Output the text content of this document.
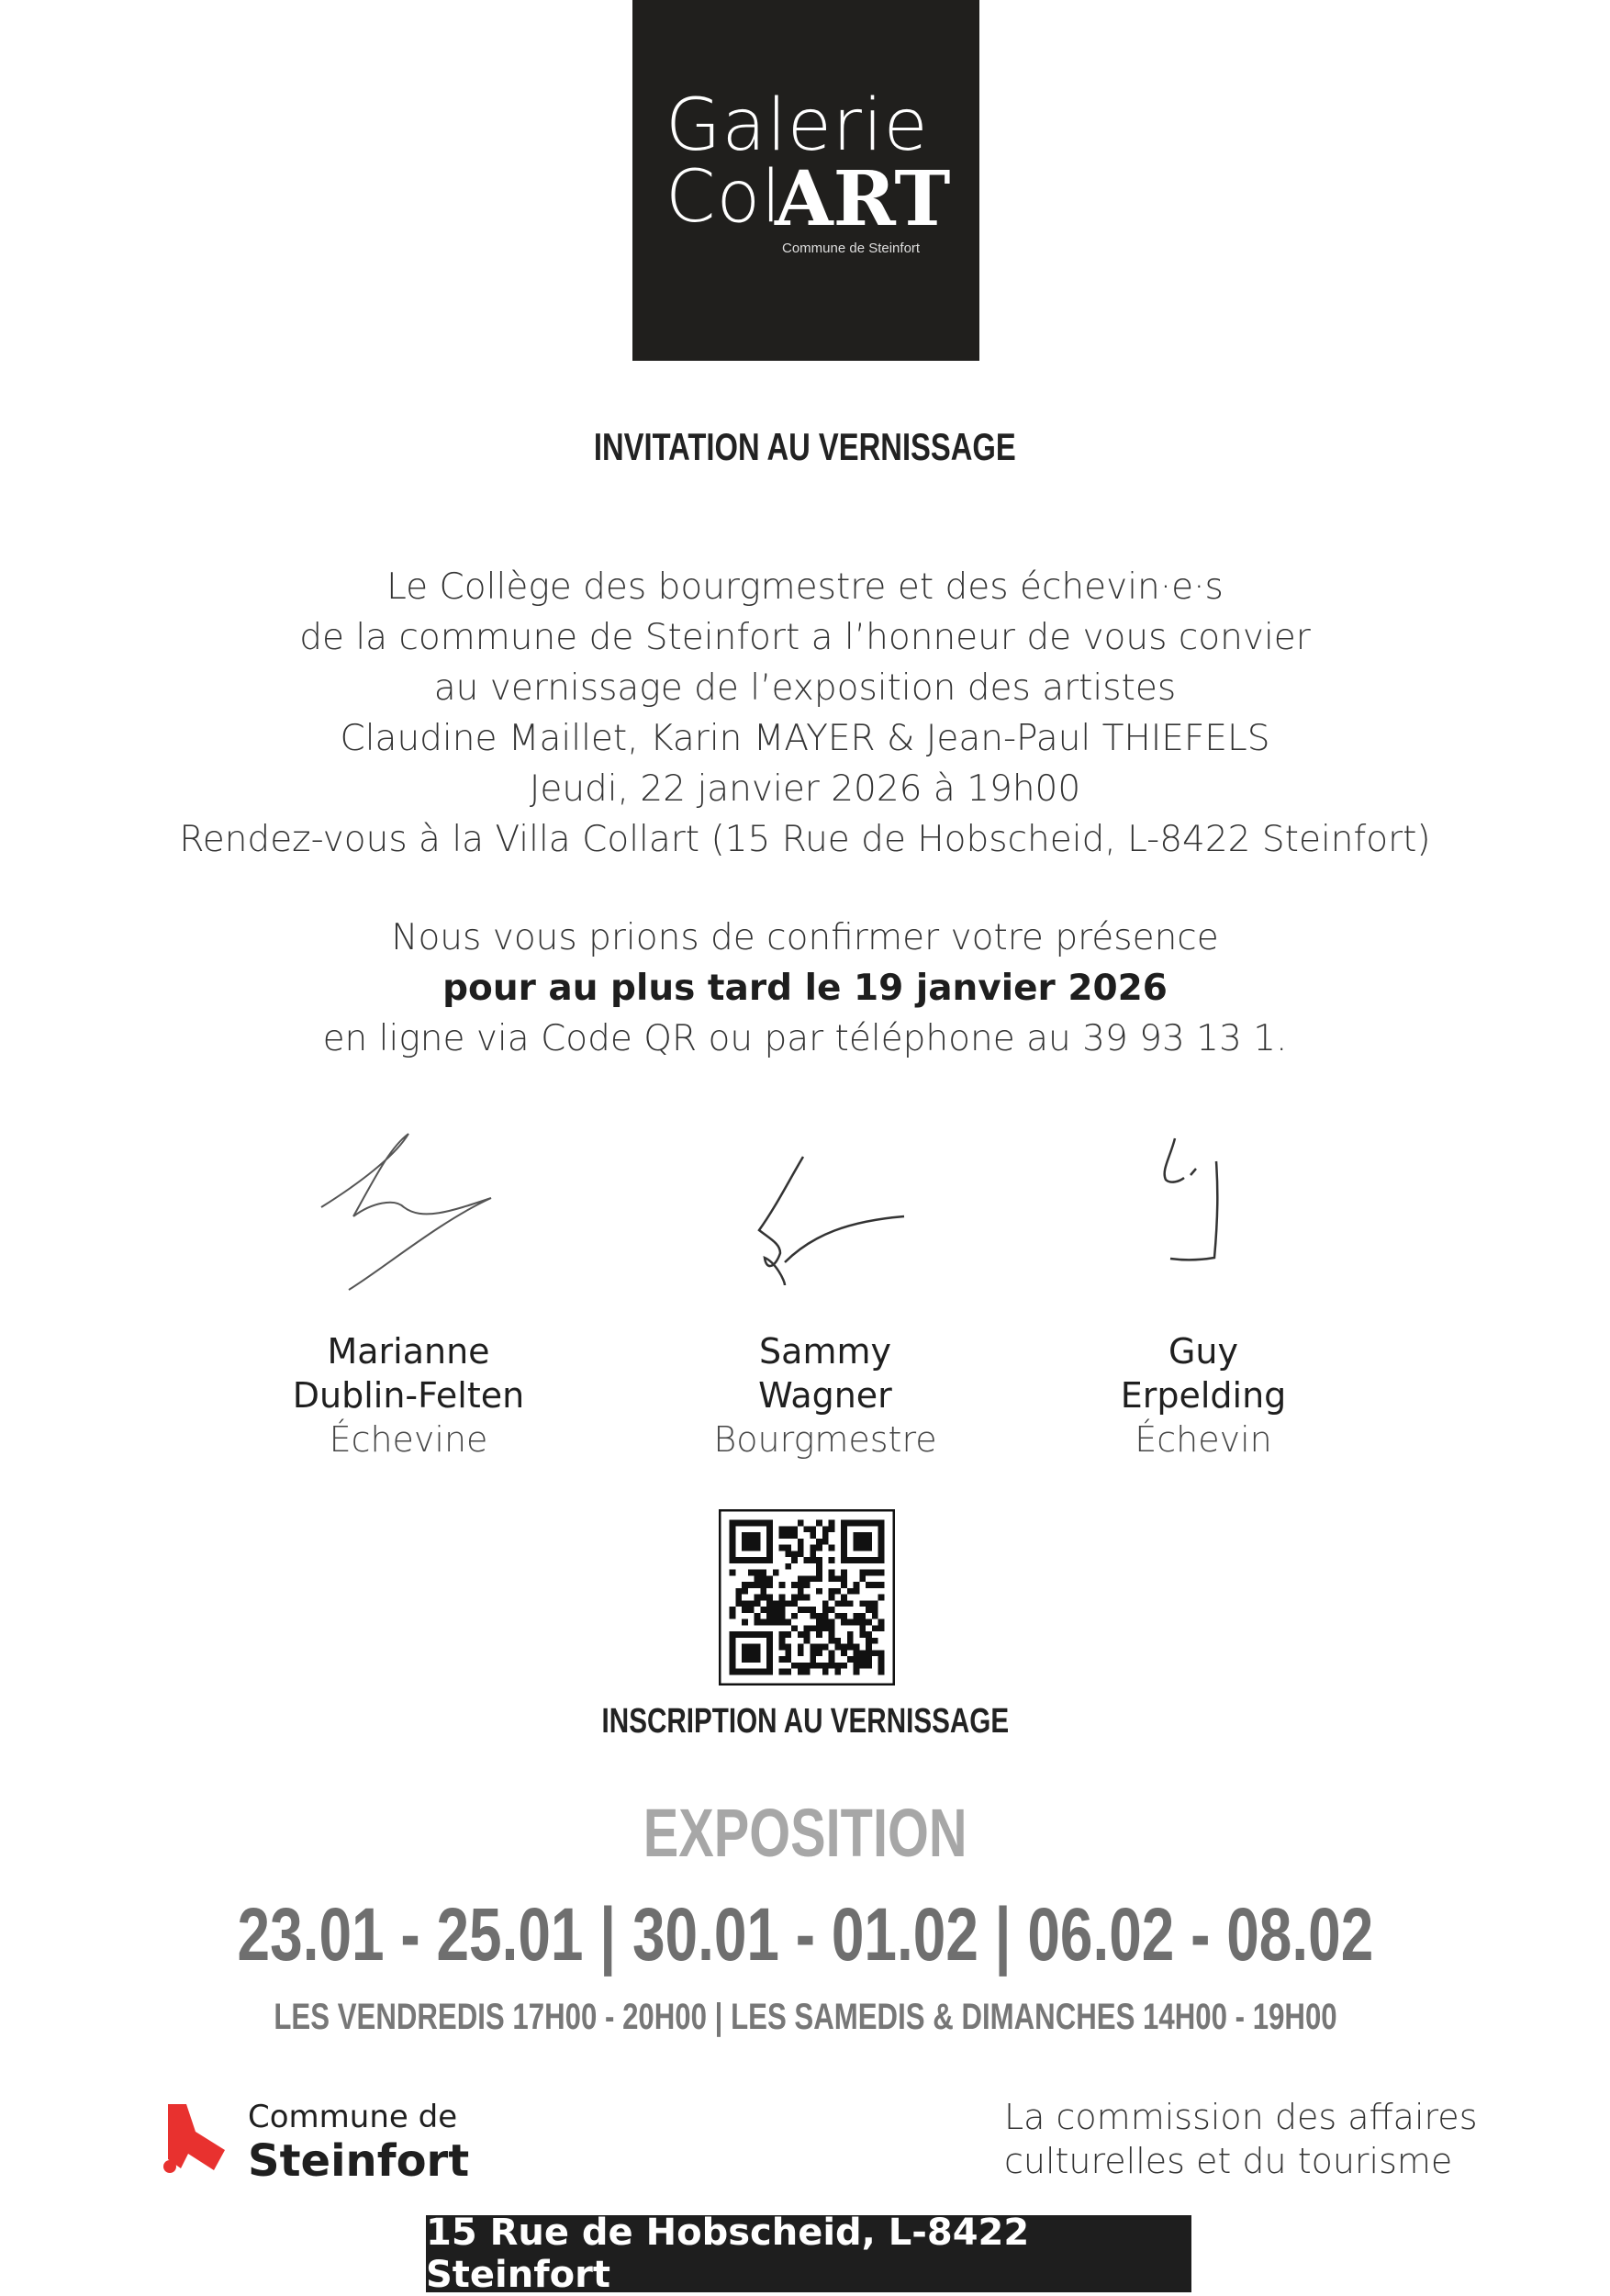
Galerie
Col
ART
Commune de Steinfort
INVITATION AU VERNISSAGE
Le Collège des bourgmestre et des échevin·e·s
de la commune de Steinfort a l’honneur de vous convier
au vernissage de l’exposition des artistes
Claudine Maillet, Karin MAYER & Jean-Paul THIEFELS
Jeudi, 22 janvier 2026 à 19h00
Rendez-vous à la Villa Collart (15 Rue de Hobscheid, L-8422 Steinfort)
Nous vous prions de confirmer votre présence
pour au plus tard le 19 janvier 2026
en ligne via Code QR ou par téléphone au 39 93 13 1.
Marianne
Dublin-Felten
Échevine
Sammy
Wagner
Bourgmestre
Guy
Erpelding
Échevin
INSCRIPTION AU VERNISSAGE
EXPOSITION
23.01 - 25.01 | 30.01 - 01.02 | 06.02 - 08.02
LES VENDREDIS 17H00 - 20H00 | LES SAMEDIS & DIMANCHES 14H00 - 19H00
Commune de
Steinfort
La commission des affaires
culturelles et du tourisme
15 Rue de Hobscheid, L-8422 Steinfort
